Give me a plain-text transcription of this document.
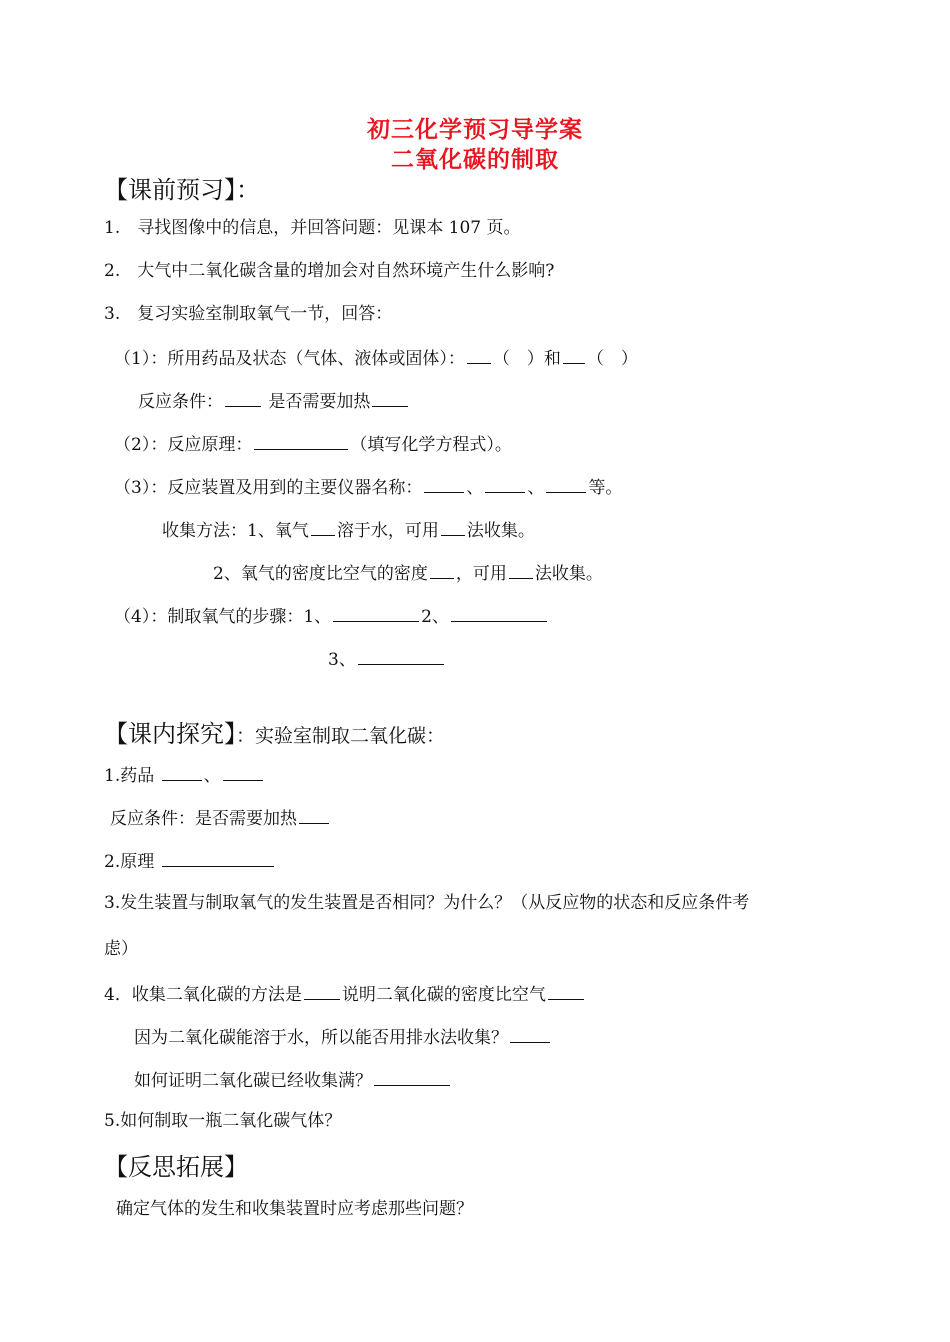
初三化学预习导学案
二氧化碳的制取
【课前预习】：
1.　寻找图像中的信息，并回答问题：见课本 107 页。
2.　大气中二氧化碳含量的增加会对自然环境产生什么影响?
3.　复习实验室制取氧气一节，回答：
（1）：所用药品及状态（气体、液体或固体）： （　）和 （　）
反应条件： 是否需要加热
（2）：反应原理：	（填写化学方程式）。
（3）：反应装置及用到的主要仪器名称：	、	、	等。
收集方法：1、氧气 溶于水，可用 法收集。
2、氧气的密度比空气的密度 ，可用 法收集。
（4）：制取氧气的步骤：1、	2、
3、
【课内探究】：实验室制取二氧化碳：
1.药品	、
反应条件：是否需要加热
2.原理
3.发生装置与制取氧气的发生装置是否相同？为什么？（从反应物的状态和反应条件考
虑）
4．收集二氧化碳的方法是 说明二氧化碳的密度比空气
因为二氧化碳能溶于水，所以能否用排水法收集？
如何证明二氧化碳已经收集满？
5.如何制取一瓶二氧化碳气体？
【反思拓展】
确定气体的发生和收集装置时应考虑那些问题？
